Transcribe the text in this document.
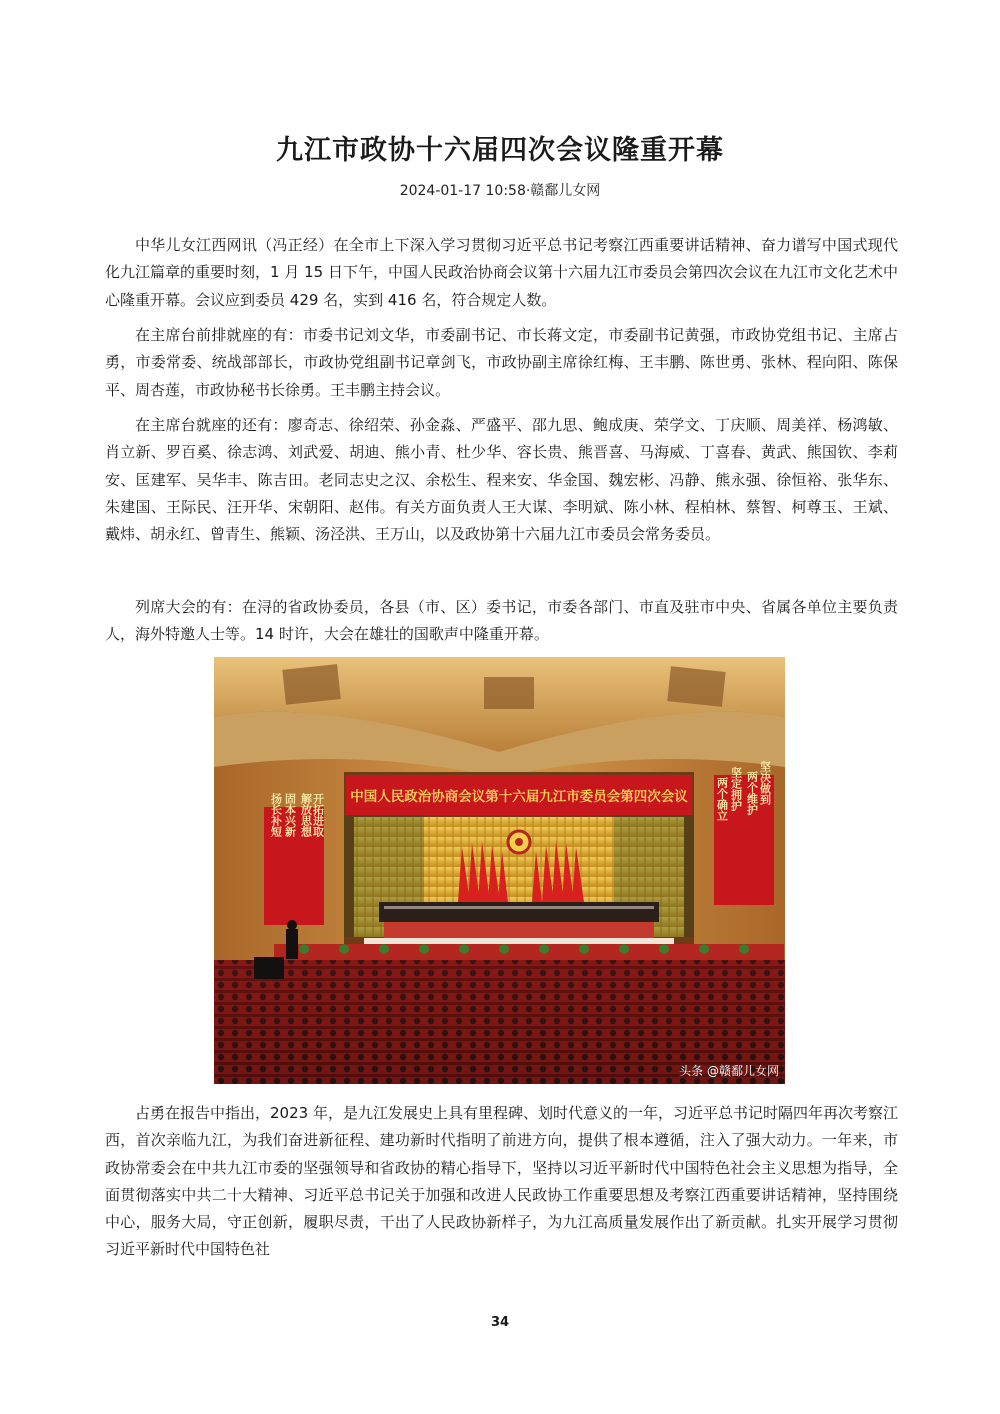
九江市政协十六届四次会议隆重开幕
2024-01-17 10:58·赣鄱儿女网

中华儿女江西网讯（冯正经）在全市上下深入学习贯彻习近平总书记考察江西重要讲话精神、奋力谱写中国式现代化九江篇章的重要时刻，1 月 15 日下午，中国人民政治协商会议第十六届九江市委员会第四次会议在九江市文化艺术中心隆重开幕。会议应到委员 429 名，实到 416 名，符合规定人数。

在主席台前排就座的有：市委书记刘文华，市委副书记、市长蒋文定，市委副书记黄强，市政协党组书记、主席占勇，市委常委、统战部部长，市政协党组副书记章剑飞，市政协副主席徐红梅、王丰鹏、陈世勇、张林、程向阳、陈保平、周杏莲，市政协秘书长徐勇。王丰鹏主持会议。

在主席台就座的还有：廖奇志、徐绍荣、孙金淼、严盛平、邵九思、鲍成庚、荣学文、丁庆顺、周美祥、杨鸿敏、肖立新、罗百奚、徐志鸿、刘武爱、胡迪、熊小青、杜少华、容长贵、熊晋喜、马海威、丁喜春、黄武、熊国钦、李莉安、匡建军、吴华丰、陈吉田。老同志史之汉、余松生、程来安、华金国、魏宏彬、冯静、熊永强、徐恒裕、张华东、朱建国、王际民、汪开华、宋朝阳、赵伟。有关方面负责人王大谋、李明斌、陈小林、程柏林、蔡智、柯尊玉、王斌、戴炜、胡永红、曾青生、熊颖、汤泾洪、王万山，以及政协第十六届九江市委员会常务委员。

列席大会的有：在浔的省政协委员，各县（市、区）委书记，市委各部门、市直及驻市中央、省属各单位主要负责人，海外特邀人士等。14 时许，大会在雄壮的国歌声中隆重开幕。

中国人民政治协商会议第十六届九江市委员会第四次会议
扬长补短 固本兴新 解放思想 开拓进取
坚决做到
两个维护
坚定拥护
两个确立
头条 @赣鄱儿女网

占勇在报告中指出，2023 年，是九江发展史上具有里程碑、划时代意义的一年，习近平总书记时隔四年再次考察江西，首次亲临九江，为我们奋进新征程、建功新时代指明了前进方向，提供了根本遵循，注入了强大动力。一年来，市政协常委会在中共九江市委的坚强领导和省政协的精心指导下，坚持以习近平新时代中国特色社会主义思想为指导，全面贯彻落实中共二十大精神、习近平总书记关于加强和改进人民政协工作重要思想及考察江西重要讲话精神，坚持围绕中心，服务大局，守正创新，履职尽责，干出了人民政协新样子，为九江高质量发展作出了新贡献。扎实开展学习贯彻习近平新时代中国特色社

34
